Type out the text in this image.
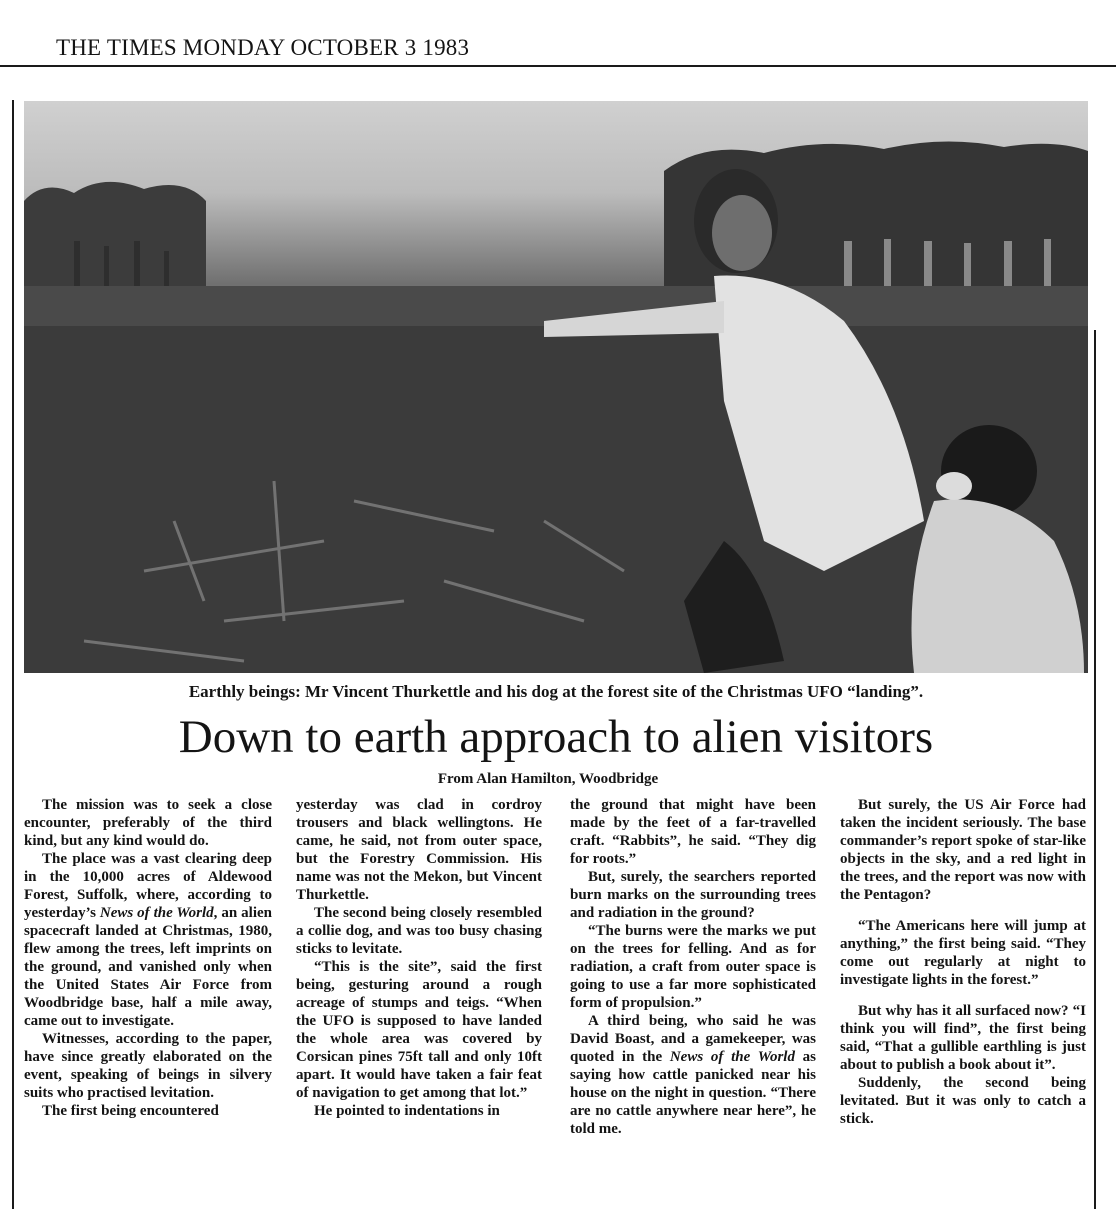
THE TIMES MONDAY OCTOBER 3 1983
Earthly beings: Mr Vincent Thurkettle and his dog at the forest site of the Christmas UFO “landing”.
Down to earth approach to alien visitors
From Alan Hamilton, Woodbridge

The mission was to seek a close encounter, preferably of the third kind, but any kind would do.

The place was a vast clearing deep in the 10,000 acres of Aldewood Forest, Suffolk, where, according to yesterday’s News of the World, an alien spacecraft landed at Christmas, 1980, flew among the trees, left imprints on the ground, and vanished only when the United States Air Force from Woodbridge base, half a mile away, came out to investigate.

Witnesses, according to the paper, have since greatly elaborated on the event, speaking of beings in silvery suits who practised levitation.

The first being encountered

yesterday was clad in cordroy trousers and black wellingtons. He came, he said, not from outer space, but the Forestry Commission. His name was not the Mekon, but Vincent Thurkettle.

The second being closely resembled a collie dog, and was too busy chasing sticks to levitate.

“This is the site”, said the first being, gesturing around a rough acreage of stumps and teigs. “When the UFO is supposed to have landed the whole area was covered by Corsican pines 75ft tall and only 10ft apart. It would have taken a fair feat of navigation to get among that lot.”

He pointed to indentations in

the ground that might have been made by the feet of a far-travelled craft. “Rabbits”, he said. “They dig for roots.”

But, surely, the searchers reported burn marks on the surrounding trees and radiation in the ground?

“The burns were the marks we put on the trees for felling. And as for radiation, a craft from outer space is going to use a far more sophisticated form of propulsion.”

A third being, who said he was David Boast, and a gamekeeper, was quoted in the News of the World as saying how cattle panicked near his house on the night in question. “There are no cattle anywhere near here”, he told me.

But surely, the US Air Force had taken the incident seriously. The base commander’s report spoke of star-like objects in the sky, and a red light in the trees, and the report was now with the Pentagon?

“The Americans here will jump at anything,” the first being said. “They come out regularly at night to investigate lights in the forest.”

But why has it all surfaced now? “I think you will find”, the first being said, “That a gullible earthling is just about to publish a book about it”.

Suddenly, the second being levitated. But it was only to catch a stick.
